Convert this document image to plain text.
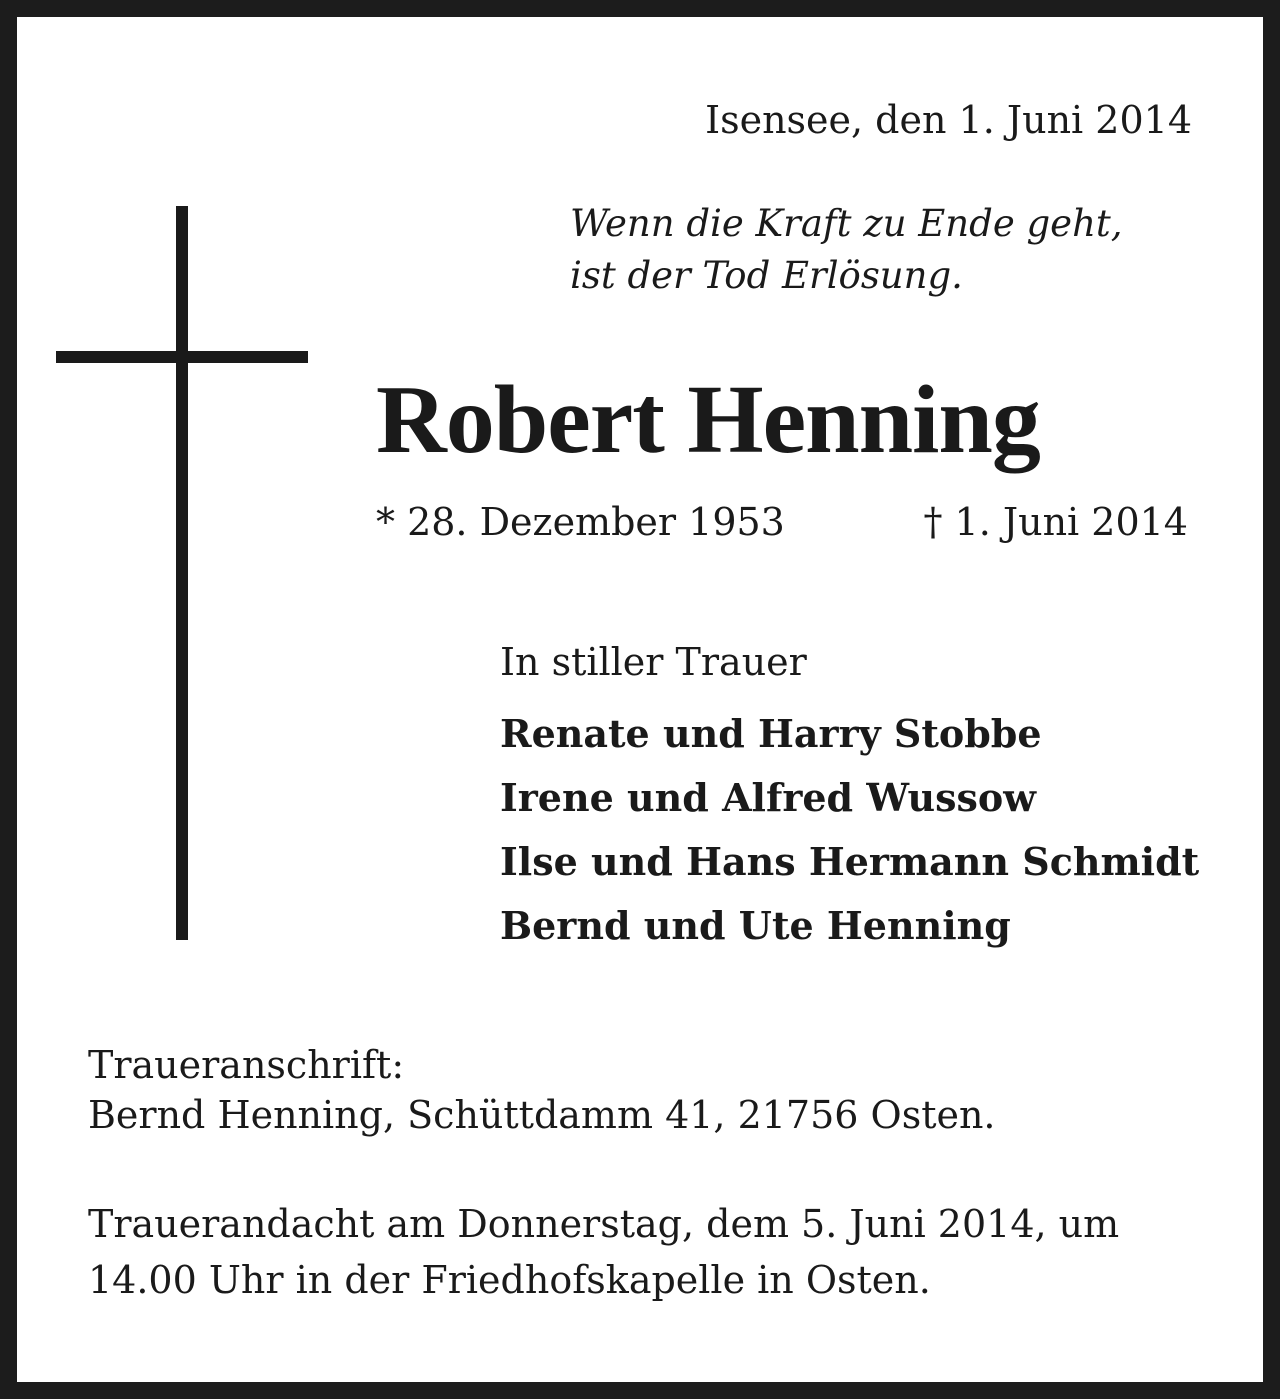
Isensee, den 1. Juni 2014
Wenn die Kraft zu Ende geht,
ist der Tod Erlösung.
Robert Henning
* 28. Dezember 1953	† 1. Juni 2014
In stiller Trauer
Renate und Harry Stobbe
Irene und Alfred Wussow
Ilse und Hans Hermann Schmidt
Bernd und Ute Henning
Traueranschrift:
Bernd Henning, Schüttdamm 41, 21756 Osten.
Trauerandacht am Donnerstag, dem 5. Juni 2014, um
14.00 Uhr in der Friedhofskapelle in Osten.
